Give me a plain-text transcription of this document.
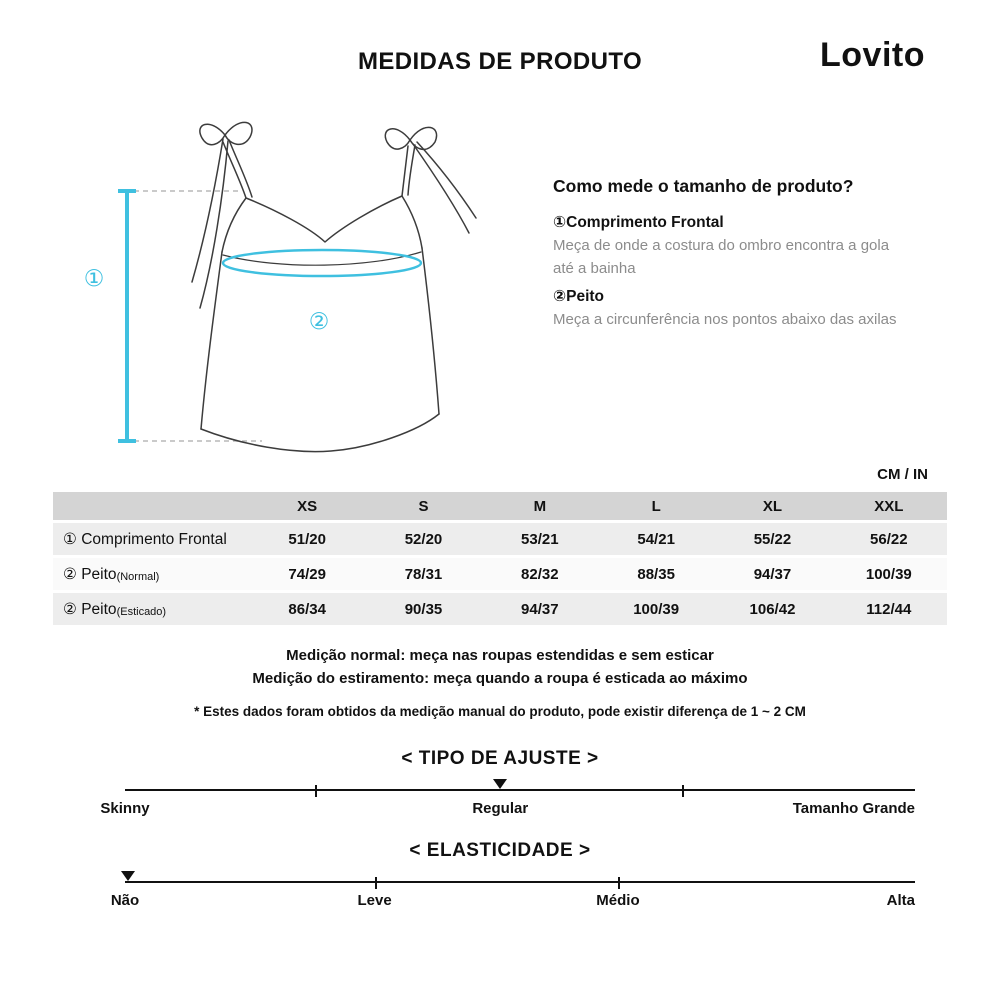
MEDIDAS DE PRODUTO	Lovito
①
②

Como mede o tamanho de produto?

①Comprimento Frontal

Meça de onde a costura do ombro encontra a gola até a bainha

②Peito

Meça a circunferência nos pontos abaixo das axilas

CM / IN
	XS	S	M	L	XL	XXL
① Comprimento Frontal	51/20	52/20	53/21	54/21	55/22	56/22
② Peito(Normal)	74/29	78/31	82/32	88/35	94/37	100/39
② Peito(Esticado)	86/34	90/35	94/37	100/39	106/42	112/44
Medição normal: meça nas roupas estendidas e sem esticar
Medição do estiramento: meça quando a roupa é esticada ao máximo
* Estes dados foram obtidos da medição manual do produto, pode existir diferença de 1 ~ 2 CM
< TIPO DE AJUSTE >
Skinny	Regular	Tamanho Grande
< ELASTICIDADE >
Não	Leve	Médio	Alta
